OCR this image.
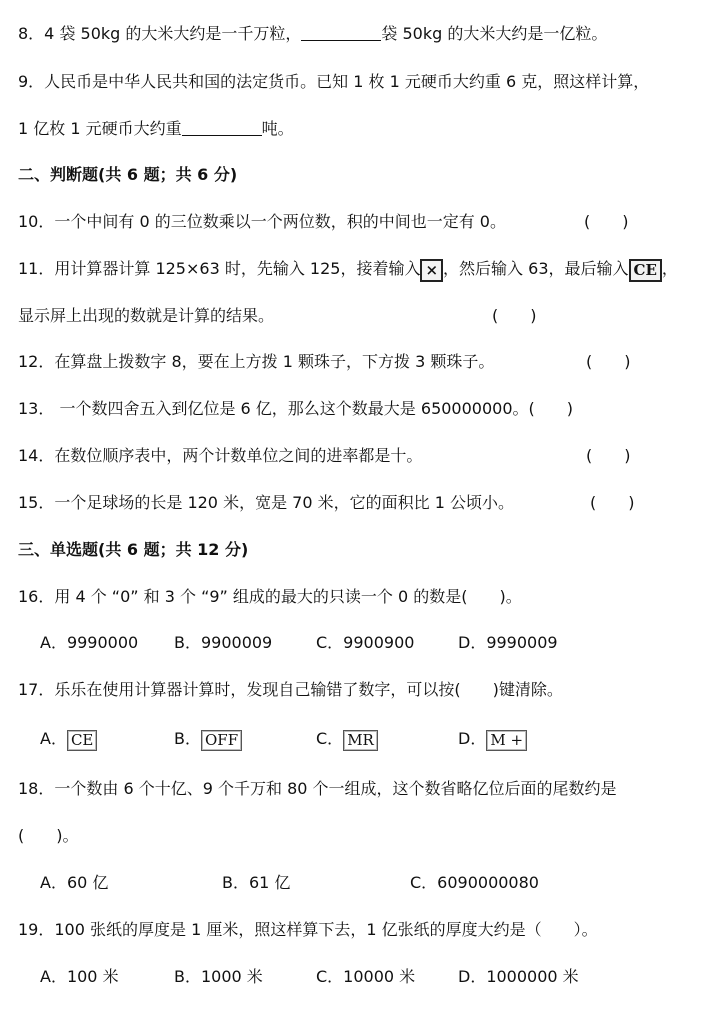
8．4 袋 50kg 的大米大约是一千万粒，	袋 50kg 的大米大约是一亿粒。
9．人民币是中华人民共和国的法定货币。已知 1 枚 1 元硬币大约重 6 克，照这样计算，
1 亿枚 1 元硬币大约重	吨。
二、判断题(共 6 题；共 6 分)
10．一个中间有 0 的三位数乘以一个两位数，积的中间也一定有 0。	(　　)
11．用计算器计算 125×63 时，先输入 125，接着输入 × ，然后输入 63，最后输入 CE ，
显示屏上出现的数就是计算的结果。	(　　)
12．在算盘上拨数字 8，要在上方拨 1 颗珠子，下方拨 3 颗珠子。	(　　)
13． 一个数四舍五入到亿位是 6 亿，那么这个数最大是 650000000。(　　)
14．在数位顺序表中，两个计数单位之间的进率都是十。	(　　)
15．一个足球场的长是 120 米，宽是 70 米，它的面积比 1 公顷小。	(　　)
三、单选题(共 6 题；共 12 分)
16．用 4 个 “0” 和 3 个 “9” 组成的最大的只读一个 0 的数是(　　)。
A．9990000 B．9900009	C．9900900	D．9990009
17．乐乐在使用计算器计算时，发现自己输错了数字，可以按(　　)键清除。
A． CE	B． OFF	C． MR	D． M +
18．一个数由 6 个十亿、9 个千万和 80 个一组成，这个数省略亿位后面的尾数约是
(　　)。
A．60 亿	B．61 亿	C．6090000080
19．100 张纸的厚度是 1 厘米，照这样算下去，1 亿张纸的厚度大约是（　　）。
A．100 米	B．1000 米	C．10000 米	D．1000000 米
